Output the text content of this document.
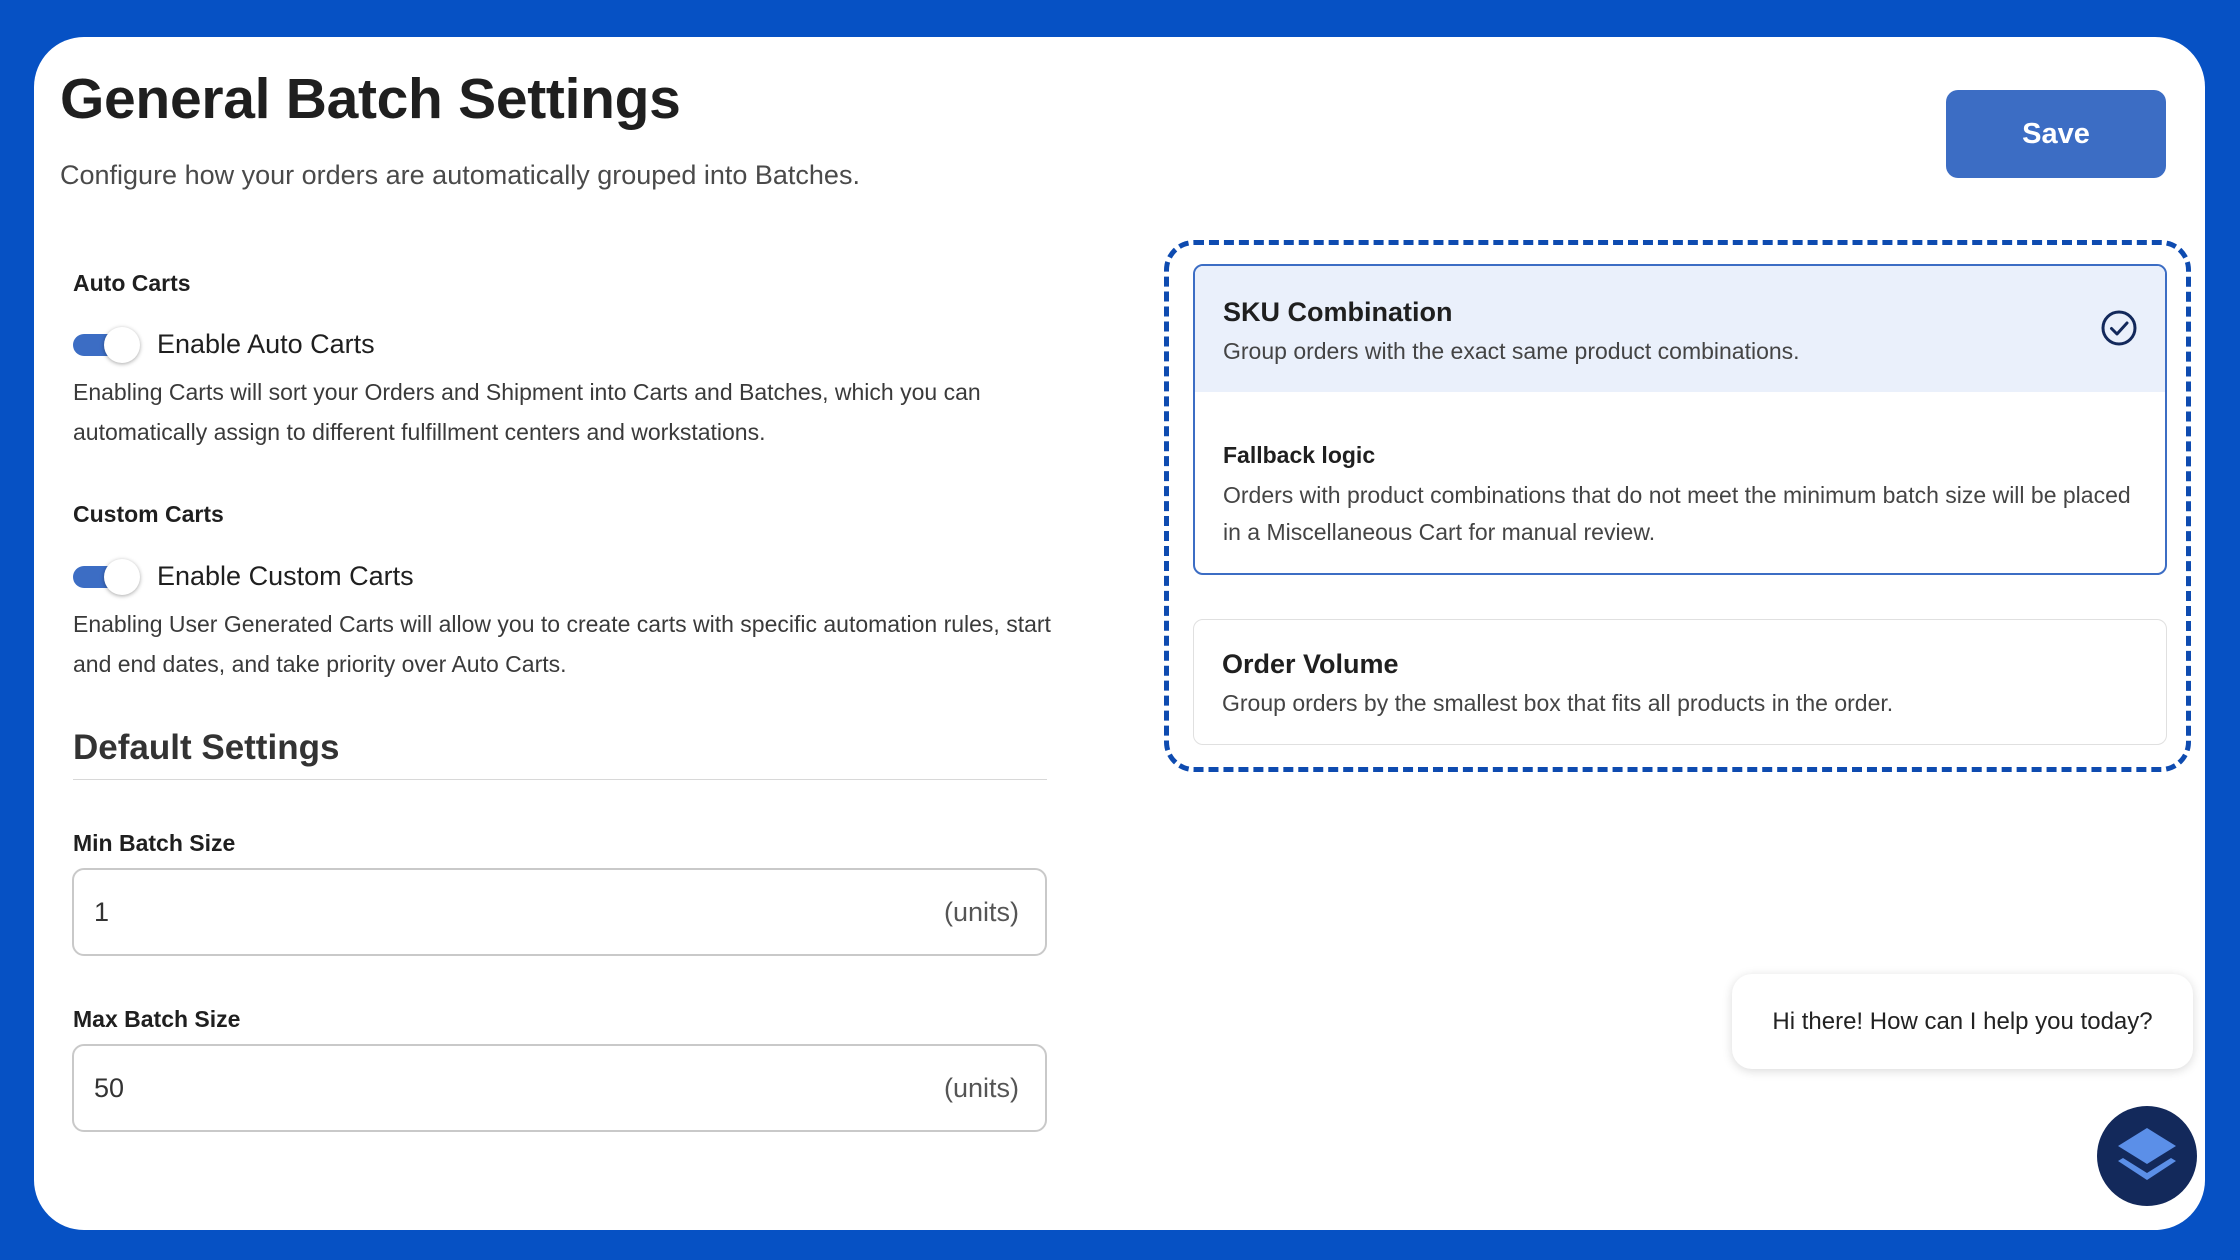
General Batch Settings

Configure how your orders are automatically grouped into Batches.

Save
Auto Carts
Enable Auto Carts

Enabling Carts will sort your Orders and Shipment into Carts and Batches, which you can automatically assign to different fulfillment centers and workstations.

Custom Carts
Enable Custom Carts

Enabling User Generated Carts will allow you to create carts with specific automation rules, start and end dates, and take priority over Auto Carts.

Default Settings
Min Batch Size
1
(units)
Max Batch Size
50
(units)
SKU Combination
Group orders with the exact same product combinations.
Fallback logic

Orders with product combinations that do not meet the minimum batch size will be placed in a Miscellaneous Cart for manual review.

Order Volume
Group orders by the smallest box that fits all products in the order.
Hi there! How can I help you today?
